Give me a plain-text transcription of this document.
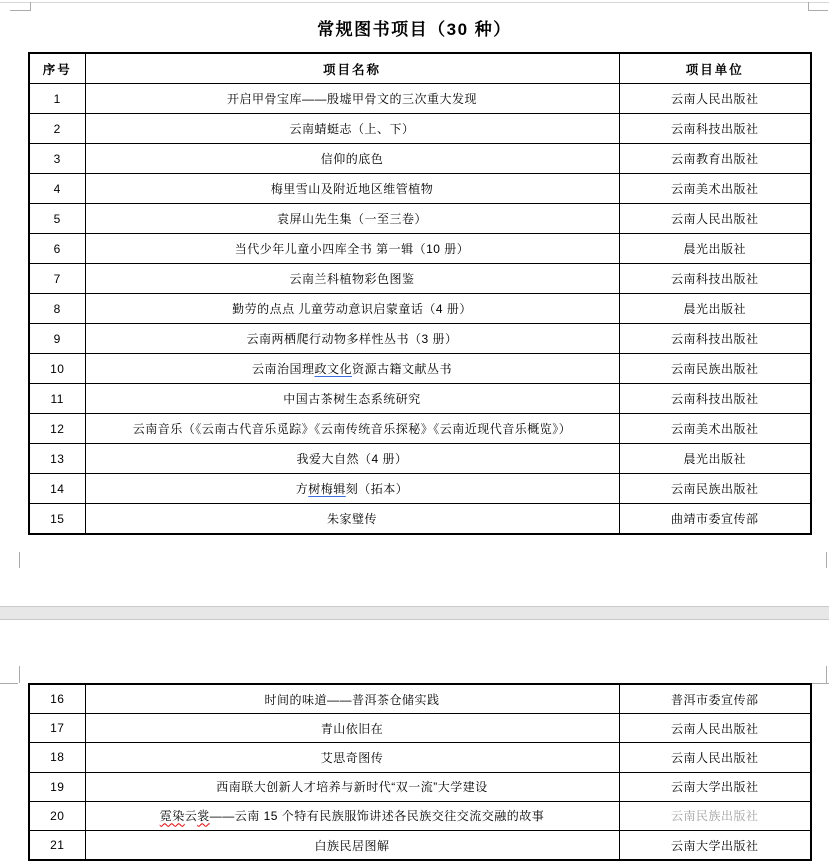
常规图书项目（30 种）
序号	项目名称	项目单位
1	开启甲骨宝库——殷墟甲骨文的三次重大发现	云南人民出版社
2	云南蜻蜓志（上、下）	云南科技出版社
3	信仰的底色	云南教育出版社
4	梅里雪山及附近地区维管植物	云南美术出版社
5	袁屏山先生集（一至三卷）	云南人民出版社
6	当代少年儿童小四库全书 第一辑（10 册）	晨光出版社
7	云南兰科植物彩色图鉴	云南科技出版社
8	勤劳的点点 儿童劳动意识启蒙童话（4 册）	晨光出版社
9	云南两栖爬行动物多样性丛书（3 册）	云南科技出版社
10	云南治国理政文化资源古籍文献丛书	云南民族出版社
11	中国古茶树生态系统研究	云南科技出版社
12	云南音乐（《云南古代音乐觅踪》《云南传统音乐探秘》《云南近现代音乐概览》）	云南美术出版社
13	我爱大自然（4 册）	晨光出版社
14	方树梅辑刻（拓本）	云南民族出版社
15	朱家璧传	曲靖市委宣传部
16	时间的味道——普洱茶仓储实践	普洱市委宣传部
17	青山依旧在	云南人民出版社
18	艾思奇图传	云南人民出版社
19	西南联大创新人才培养与新时代“双一流”大学建设	云南大学出版社
20	霓染云裳——云南 15 个特有民族服饰讲述各民族交往交流交融的故事	云南民族出版社
21	白族民居图解	云南大学出版社
